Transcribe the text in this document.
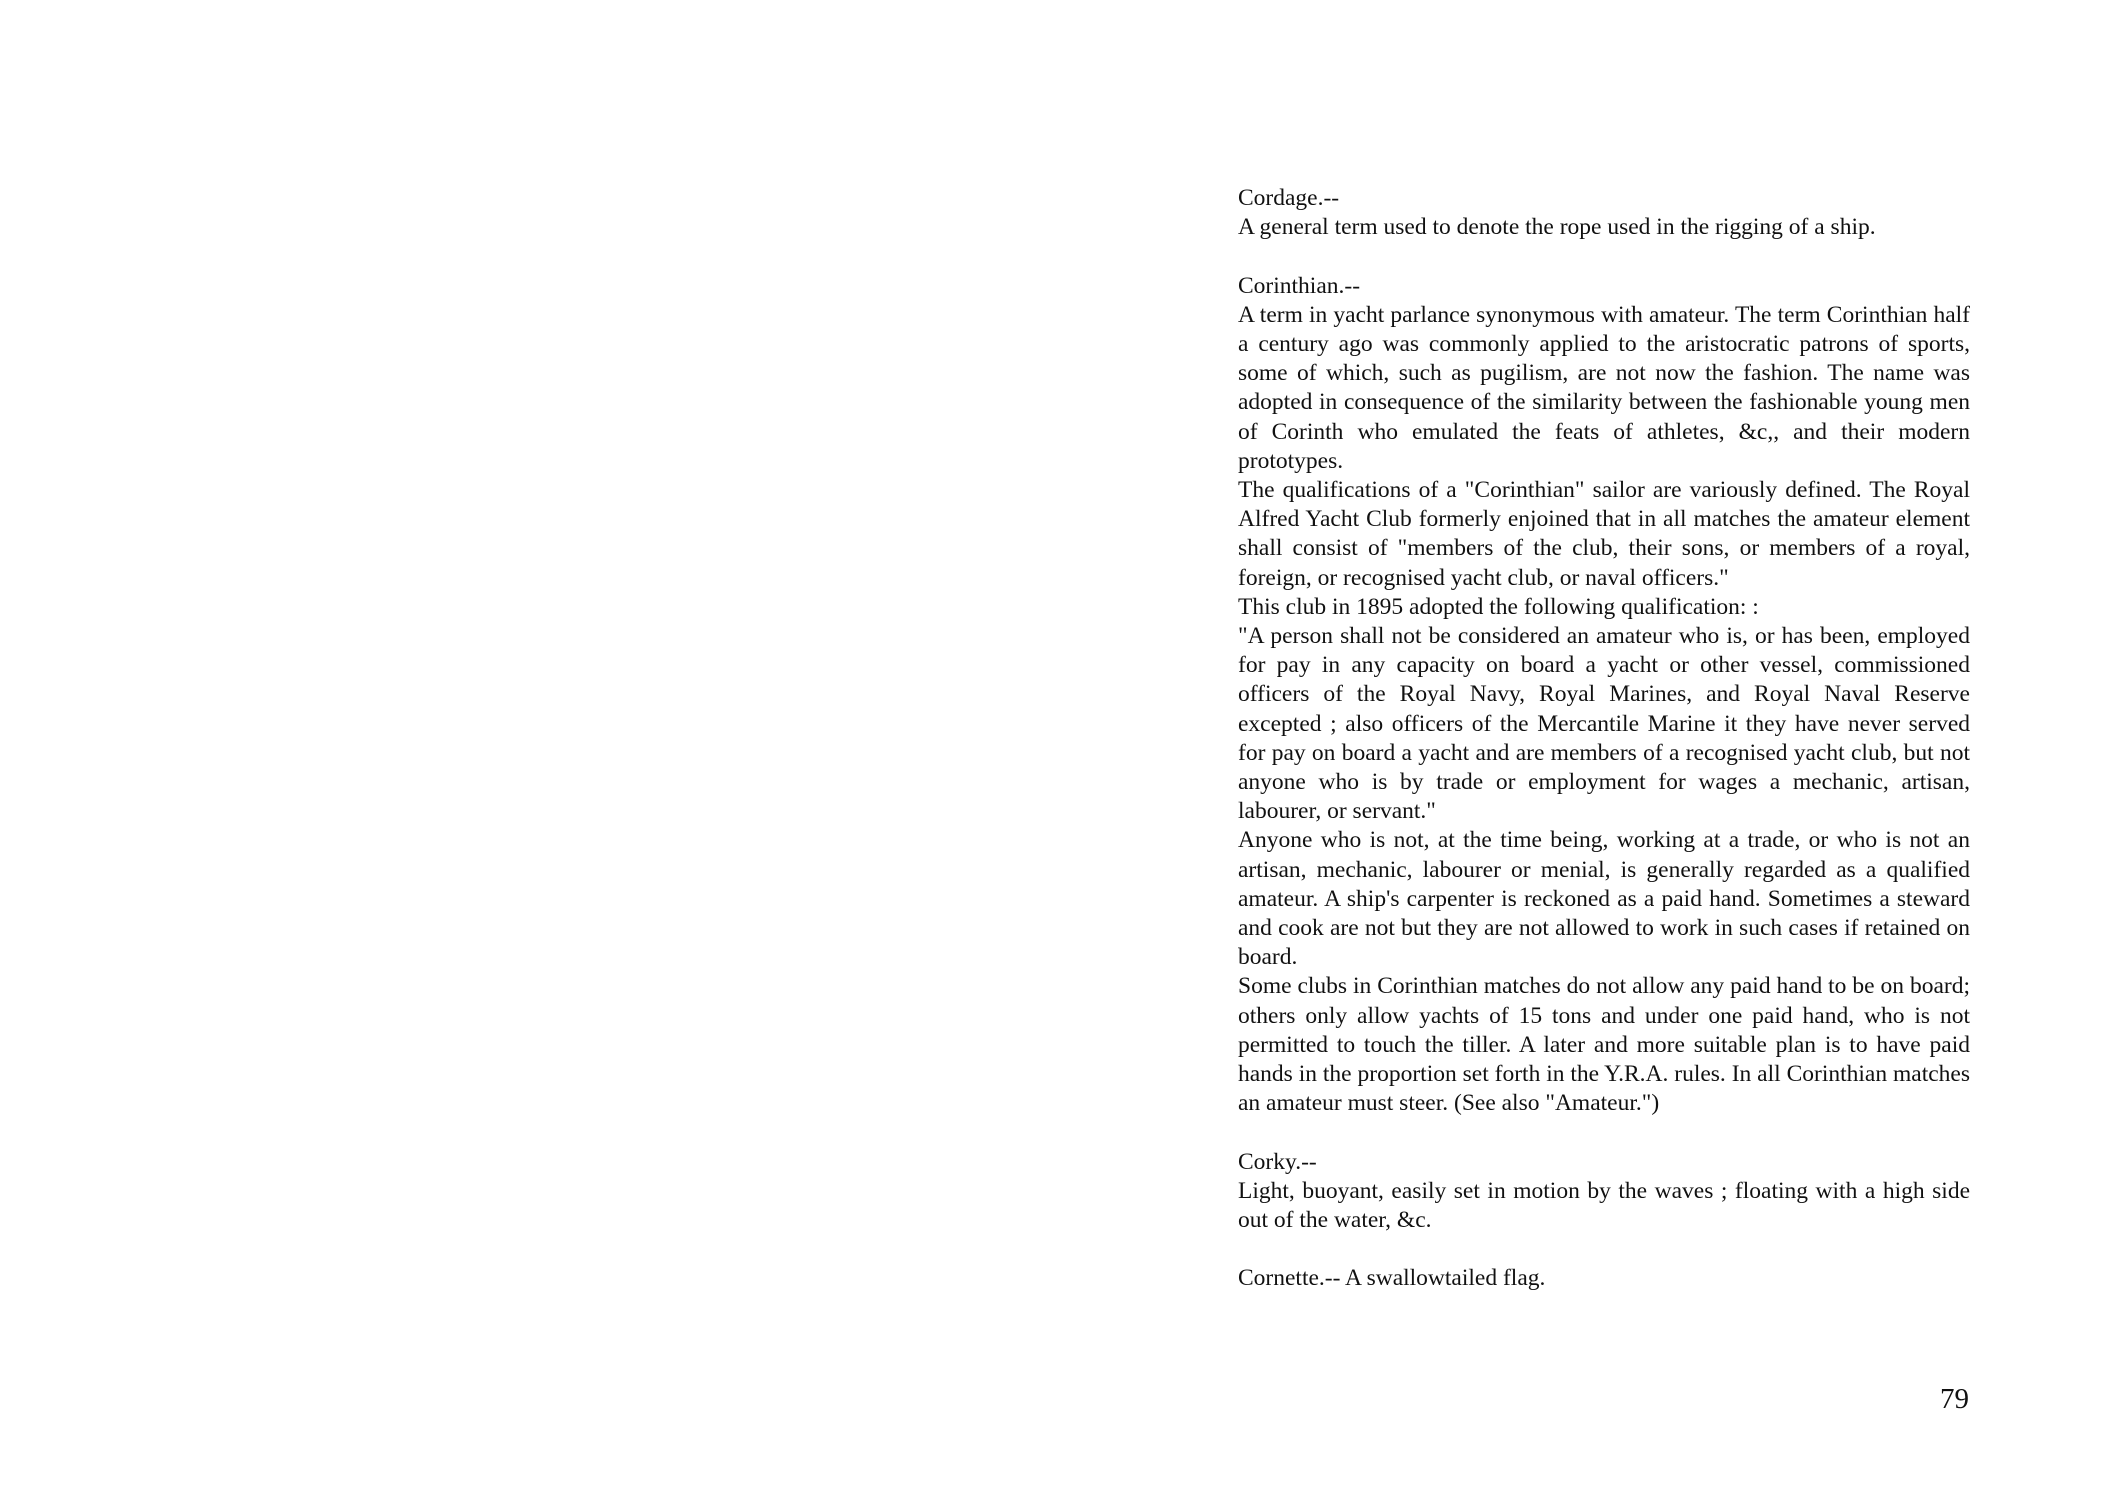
Cordage.--

A general term used to denote the rope used in the rigging of a ship.

Corinthian.--

A term in yacht parlance synonymous with amateur. The term Corinthian half a century ago was commonly applied to the aristocratic patrons of sports, some of which, such as pugilism, are not now the fashion. The name was adopted in consequence of the similarity between the fashionable young men of Corinth who emulated the feats of athletes, &c,, and their modern prototypes.

The qualifications of a "Corinthian" sailor are variously defined. The Royal Alfred Yacht Club formerly enjoined that in all matches the amateur element shall consist of "members of the club, their sons, or members of a royal, foreign, or recognised yacht club, or naval officers."

This club in 1895 adopted the following qualification: :

"A person shall not be considered an amateur who is, or has been, employed for pay in any capacity on board a yacht or other vessel, commissioned officers of the Royal Navy, Royal Marines, and Royal Naval Reserve excepted ; also officers of the Mercantile Marine it they have never served for pay on board a yacht and are members of a recognised yacht club, but not anyone who is by trade or employment for wages a mechanic, artisan, labourer, or servant."

Anyone who is not, at the time being, working at a trade, or who is not an artisan, mechanic, labourer or menial, is generally regarded as a qualified amateur. A ship's carpenter is reckoned as a paid hand. Sometimes a steward and cook are not but they are not allowed to work in such cases if retained on board.

Some clubs in Corinthian matches do not allow any paid hand to be on board; others only allow yachts of 15 tons and under one paid hand, who is not permitted to touch the tiller. A later and more suitable plan is to have paid hands in the proportion set forth in the Y.R.A. rules. In all Corinthian matches an amateur must steer. (See also "Amateur.")

Corky.--

Light, buoyant, easily set in motion by the waves ; floating with a high side out of the water, &c.

Cornette.-- A swallowtailed flag.

79
